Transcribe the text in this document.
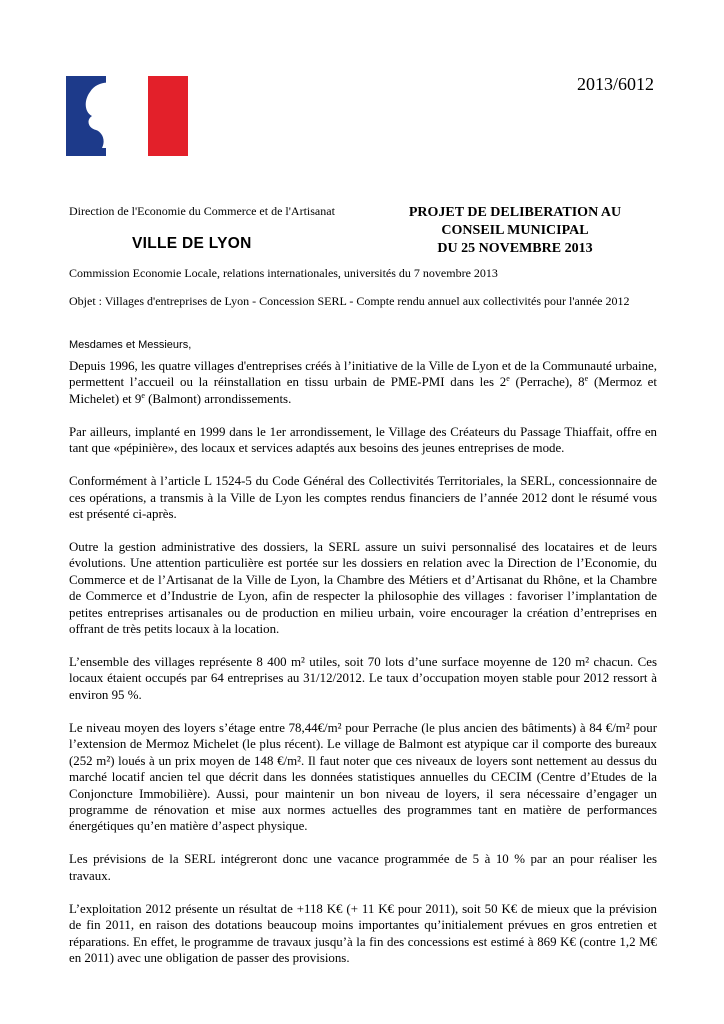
VILLE DE LYON
2013/6012
Direction de l'Economie du Commerce et de l'Artisanat	PROJET DE DELIBERATION AU
CONSEIL MUNICIPAL
DU 25 NOVEMBRE 2013
Commission Economie Locale, relations internationales, universités du 7 novembre 2013
Objet : Villages d'entreprises de Lyon - Concession SERL - Compte rendu annuel aux collectivités pour l'année 2012
Mesdames et Messieurs,

Depuis 1996, les quatre villages d'entreprises créés à l’initiative de la Ville de Lyon et de la Communauté urbaine, permettent l’accueil ou la réinstallation en tissu urbain de PME-PMI dans les 2e (Perrache), 8e (Mermoz et Michelet) et 9e (Balmont) arrondissements.

Par ailleurs, implanté en 1999 dans le 1er arrondissement, le Village des Créateurs du Passage Thiaffait, offre en tant que «pépinière», des locaux et services adaptés aux besoins des jeunes entreprises de mode.

Conformément à l’article L 1524-5 du Code Général des Collectivités Territoriales, la SERL, concessionnaire de ces opérations, a transmis à la Ville de Lyon les comptes rendus financiers de l’année 2012 dont le résumé vous est présenté ci-après.

Outre la gestion administrative des dossiers, la SERL assure un suivi personnalisé des locataires et de leurs évolutions. Une attention particulière est portée sur les dossiers en relation avec la Direction de l’Economie, du Commerce et de l’Artisanat de la Ville de Lyon, la Chambre des Métiers et d’Artisanat du Rhône, et la Chambre de Commerce et d’Industrie de Lyon, afin de respecter la philosophie des villages : favoriser l’implantation de petites entreprises artisanales ou de production en milieu urbain, voire encourager la création d’entreprises en offrant de très petits locaux à la location.

L’ensemble des villages représente 8 400 m² utiles, soit 70 lots d’une surface moyenne de 120 m² chacun. Ces locaux étaient occupés par 64 entreprises au 31/12/2012. Le taux d’occupation moyen stable pour 2012 ressort à environ 95 %.

Le niveau moyen des loyers s’étage entre 78,44€/m² pour Perrache (le plus ancien des bâtiments) à 84 €/m² pour l’extension de Mermoz Michelet (le plus récent). Le village de Balmont est atypique car il comporte des bureaux (252 m²) loués à un prix moyen de 148 €/m². Il faut noter que ces niveaux de loyers sont nettement au dessus du marché locatif ancien tel que décrit dans les données statistiques annuelles du CECIM (Centre d’Etudes de la Conjoncture Immobilière). Aussi, pour maintenir un bon niveau de loyers, il sera nécessaire d’engager un programme de rénovation et mise aux normes actuelles des programmes tant en matière de performances énergétiques qu’en matière d’aspect physique.

Les prévisions de la SERL intégreront donc une vacance programmée de 5 à 10 % par an pour réaliser les travaux.

L’exploitation 2012 présente un résultat de +118 K€ (+ 11 K€ pour 2011), soit 50 K€ de mieux que la prévision de fin 2011, en raison des dotations beaucoup moins importantes qu’initialement prévues en gros entretien et réparations. En effet, le programme de travaux jusqu’à la fin des concessions est estimé à 869 K€ (contre 1,2 M€ en 2011) avec une obligation de passer des provisions.
